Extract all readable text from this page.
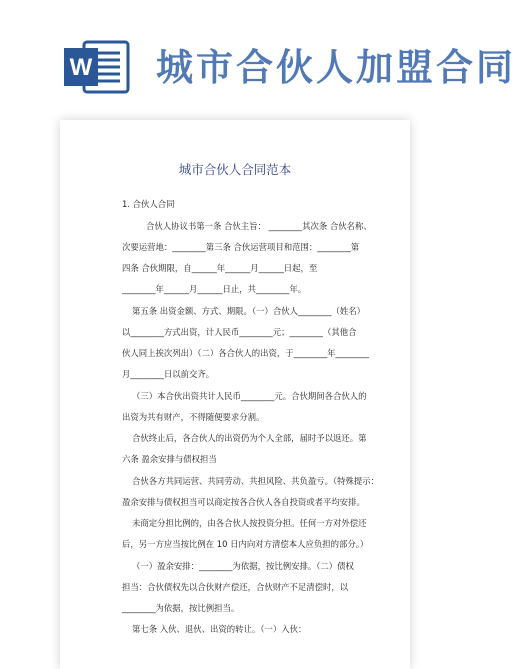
W 城市合伙人加盟合同
城市合伙人合同范本
1. 合伙人合同
合伙人协议书第一条 合伙主旨： ________其次条 合伙名称、
次要运营地：________第三条 合伙运营项目和范围：________第
四条 合伙期限，自______年______月______日起，至
________年______月______日止，共________年。
第五条 出资金额、方式、期限。（一）合伙人________（姓名）
以________方式出资，计人民币________元；________（其他合
伙人同上挨次列出）（二）各合伙人的出资，于________年________
月________日以前交齐。
（三）本合伙出资共计人民币________元。合伙期间各合伙人的
出资为共有财产，不得随便要求分割。
合伙终止后，各合伙人的出资仍为个人全部，届时予以返还。第
六条 盈余安排与债权担当
合伙各方共同运营、共同劳动、共担风险、共负盈亏。（特殊提示：
盈余安排与债权担当可以商定按各合伙人各自投资或者平均安排。
未商定分担比例的，由各合伙人按投资分担。任何一方对外偿还
后，另一方应当按比例在 10 日内向对方清偿本人应负担的部分。）
（一）盈余安排：________为依据，按比例安排。（二）债权
担当：合伙债权先以合伙财产偿还，合伙财产不足清偿时，以
________为依据，按比例担当。
第七条 入伙、退伙、出资的转让。（一）入伙：
